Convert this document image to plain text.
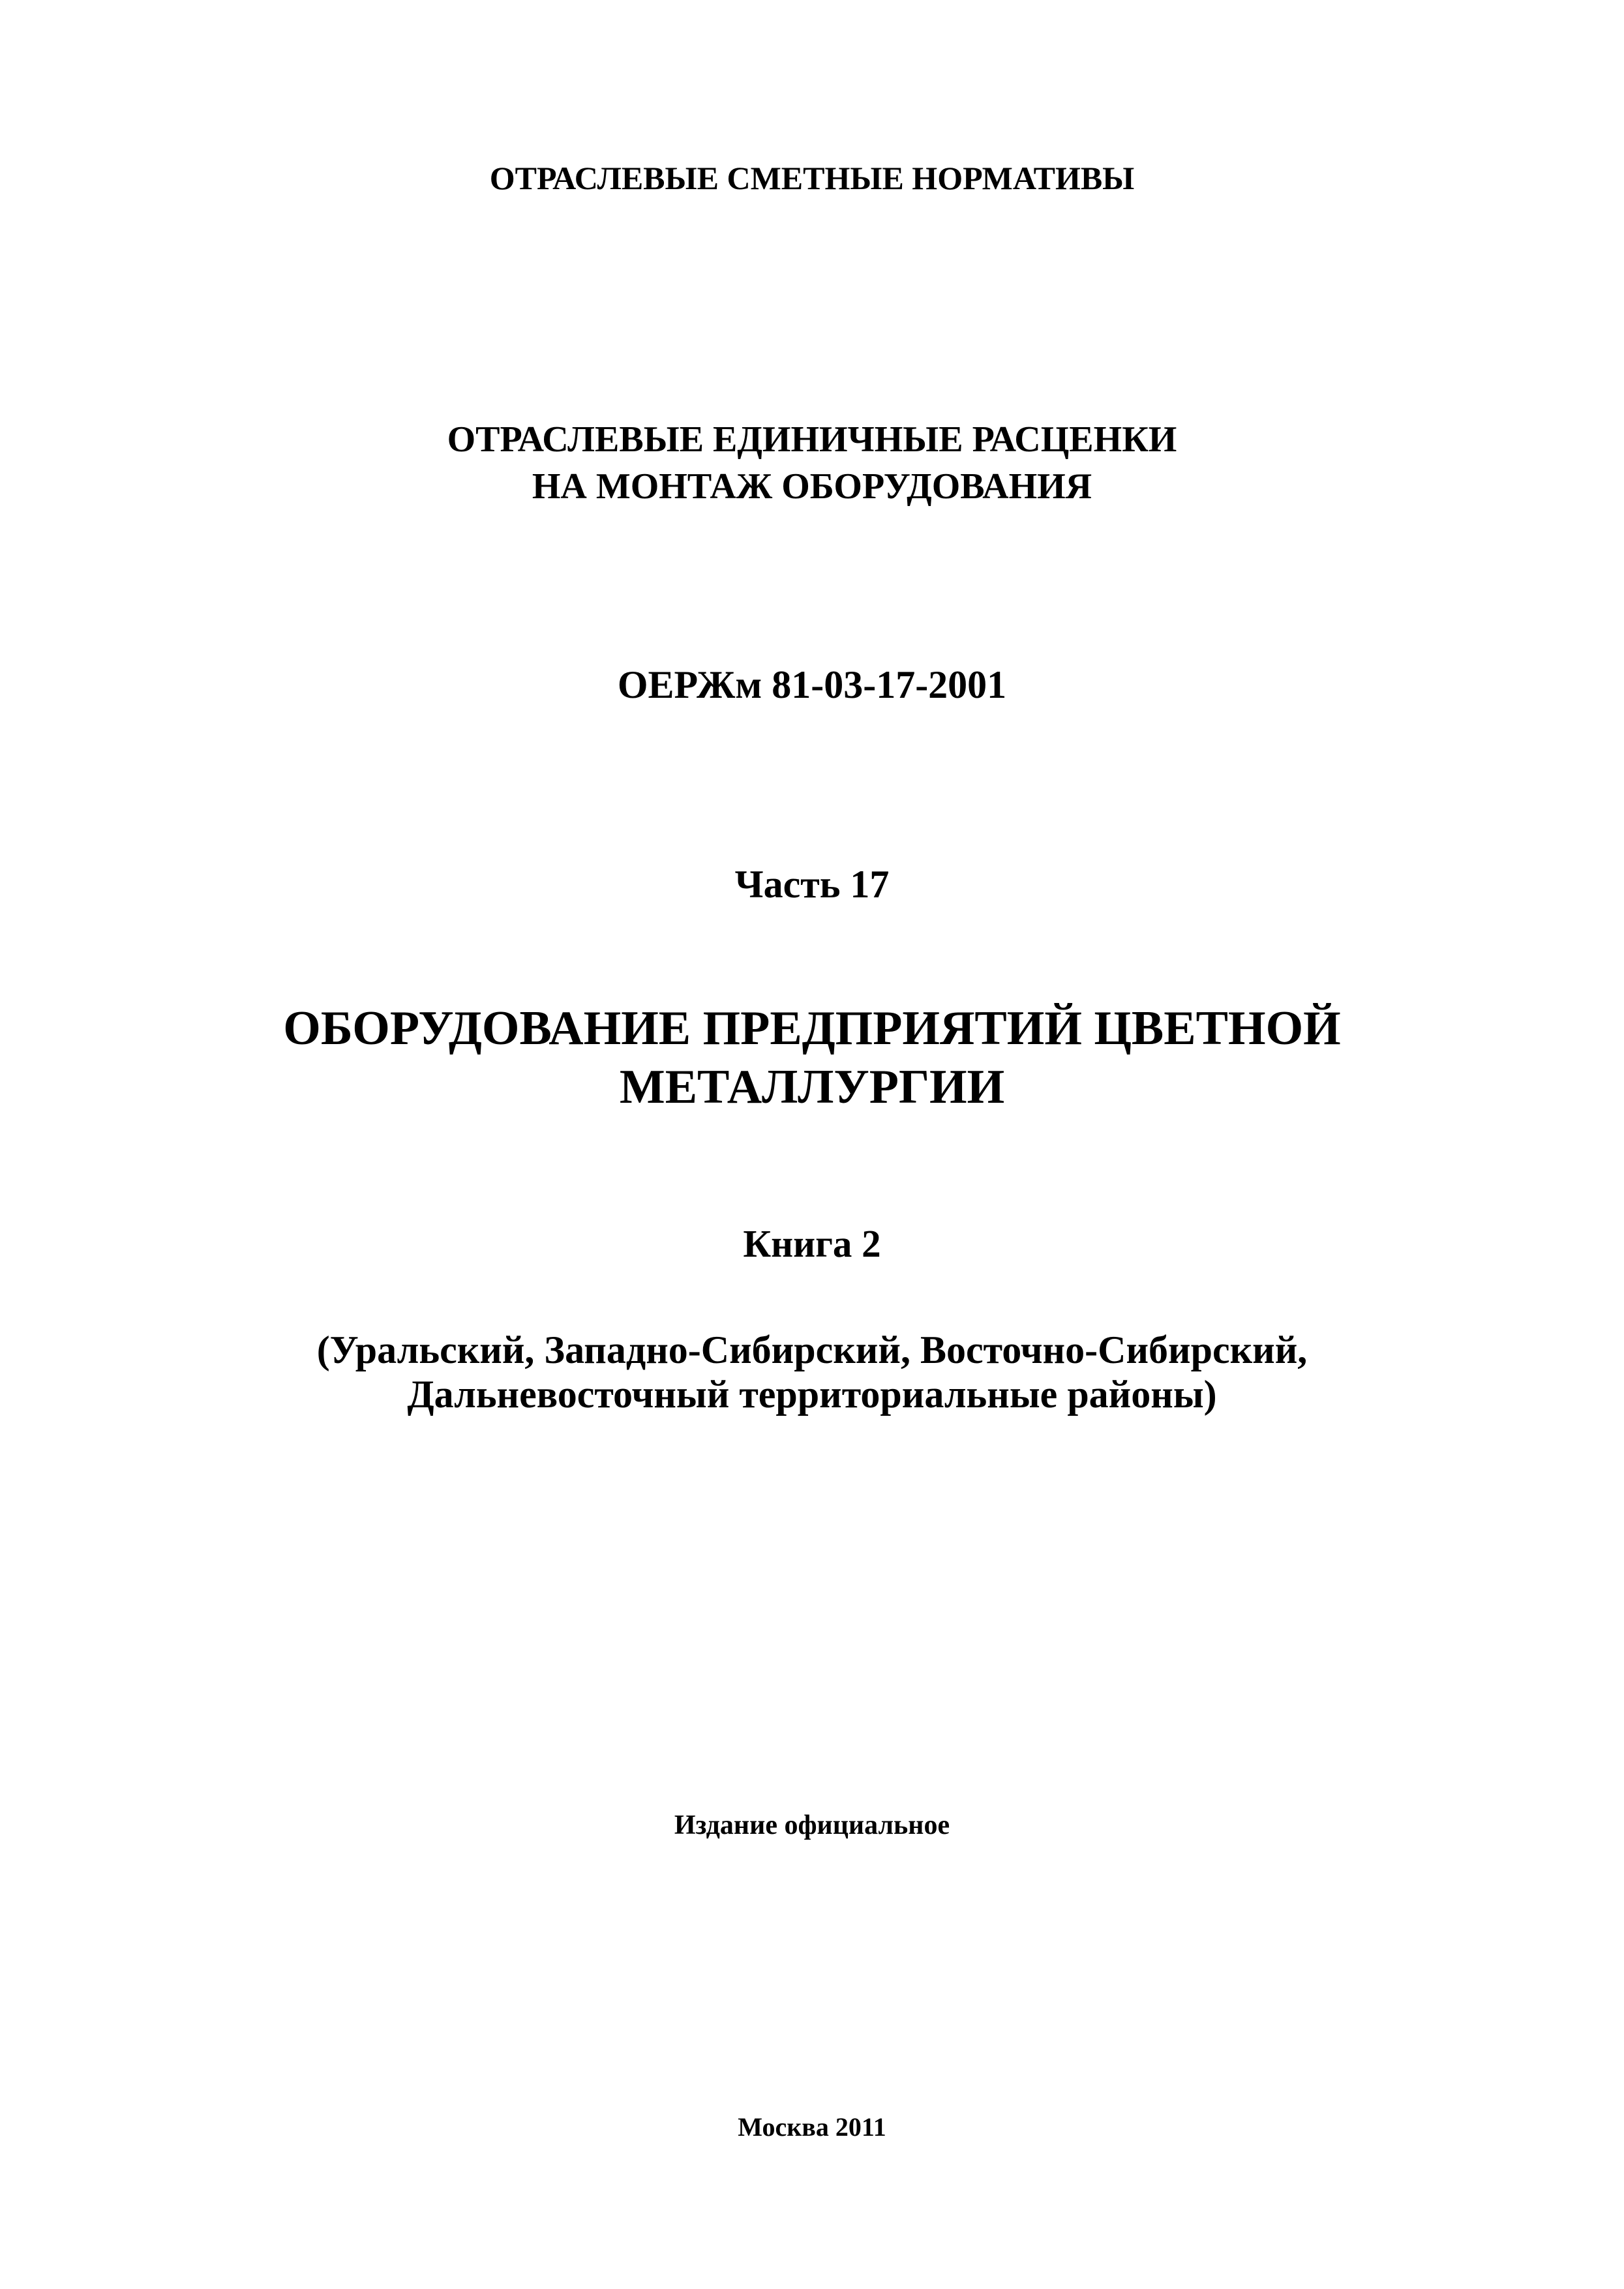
ОТРАСЛЕВЫЕ СМЕТНЫЕ НОРМАТИВЫ
ОТРАСЛЕВЫЕ ЕДИНИЧНЫЕ РАСЦЕНКИ
НА МОНТАЖ ОБОРУДОВАНИЯ
ОЕРЖм 81-03-17-2001
Часть 17
ОБОРУДОВАНИЕ ПРЕДПРИЯТИЙ ЦВЕТНОЙ
МЕТАЛЛУРГИИ
Книга 2
(Уральский, Западно-Сибирский, Восточно-Сибирский,
Дальневосточный территориальные районы)
Издание официальное
Москва 2011
